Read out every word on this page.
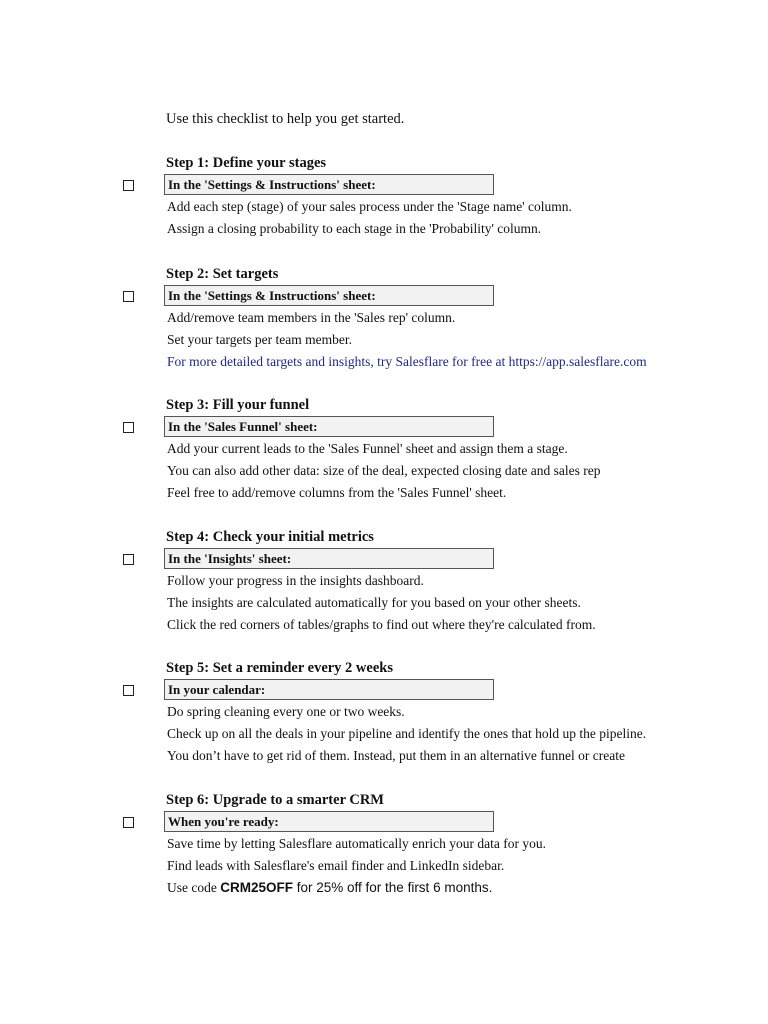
Use this checklist to help you get started.
Step 1: Define your stages
In the 'Settings & Instructions' sheet:
Add each step (stage) of your sales process under the 'Stage name' column.
Assign a closing probability to each stage in the 'Probability' column.
Step 2: Set targets
In the 'Settings & Instructions' sheet:
Add/remove team members in the 'Sales rep' column.
Set your targets per team member.
For more detailed targets and insights, try Salesflare for free at https://app.salesflare.com
Step 3: Fill your funnel
In the 'Sales Funnel' sheet:
Add your current leads to the 'Sales Funnel' sheet and assign them a stage.
You can also add other data: size of the deal, expected closing date and sales rep
Feel free to add/remove columns from the 'Sales Funnel' sheet.
Step 4: Check your initial metrics
In the 'Insights' sheet:
Follow your progress in the insights dashboard.
The insights are calculated automatically for you based on your other sheets.
Click the red corners of tables/graphs to find out where they're calculated from.
Step 5: Set a reminder every 2 weeks
In your calendar:
Do spring cleaning every one or two weeks.
Check up on all the deals in your pipeline and identify the ones that hold up the pipeline.
You don’t have to get rid of them. Instead, put them in an alternative funnel or create
Step 6: Upgrade to a smarter CRM
When you're ready:
Save time by letting Salesflare automatically enrich your data for you.
Find leads with Salesflare's email finder and LinkedIn sidebar.
Use code CRM25OFF for 25% off for the first 6 months.
